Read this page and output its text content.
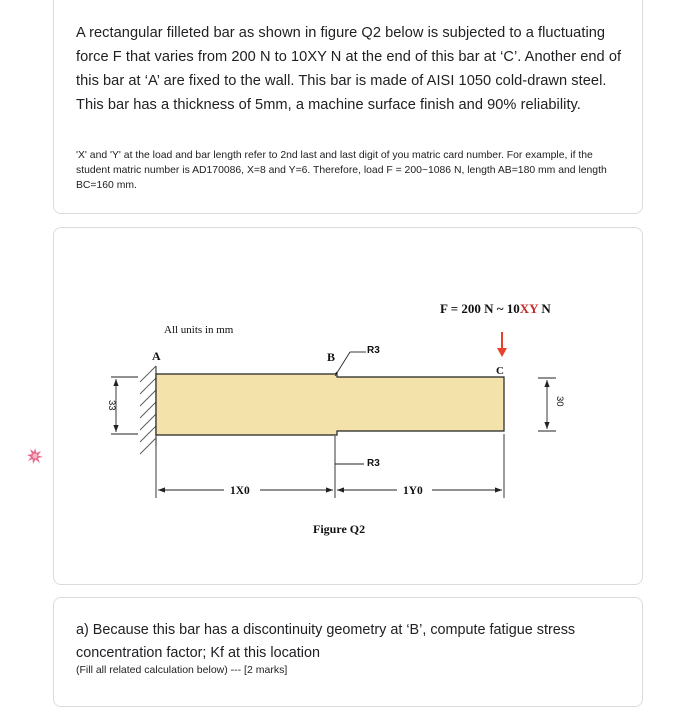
A rectangular filleted bar as shown in figure Q2 below is subjected to a fluctuating force F that varies from 200 N to 10XY N at the end of this bar at ‘C’. Another end of this bar at ‘A’ are fixed to the wall. This bar is made of AISI 1050 cold-drawn steel. This bar has a thickness of 5mm, a machine surface finish and 90% reliability.
'X' and 'Y' at the load and bar length refer to 2nd last and last digit of you matric card number. For example, if the student matric number is AD170086, X=8 and Y=6. Therefore, load F = 200~1086 N, length AB=180 mm and length BC=160 mm.
F = 200 N ~ 10XY N
All units in mm
A	B
C
R3
R3
33	30
1X0	1Y0
Figure Q2
a) Because this bar has a discontinuity geometry at ‘B’, compute fatigue stress concentration factor; Kf at this location
(Fill all related calculation below) --- [2 marks]
